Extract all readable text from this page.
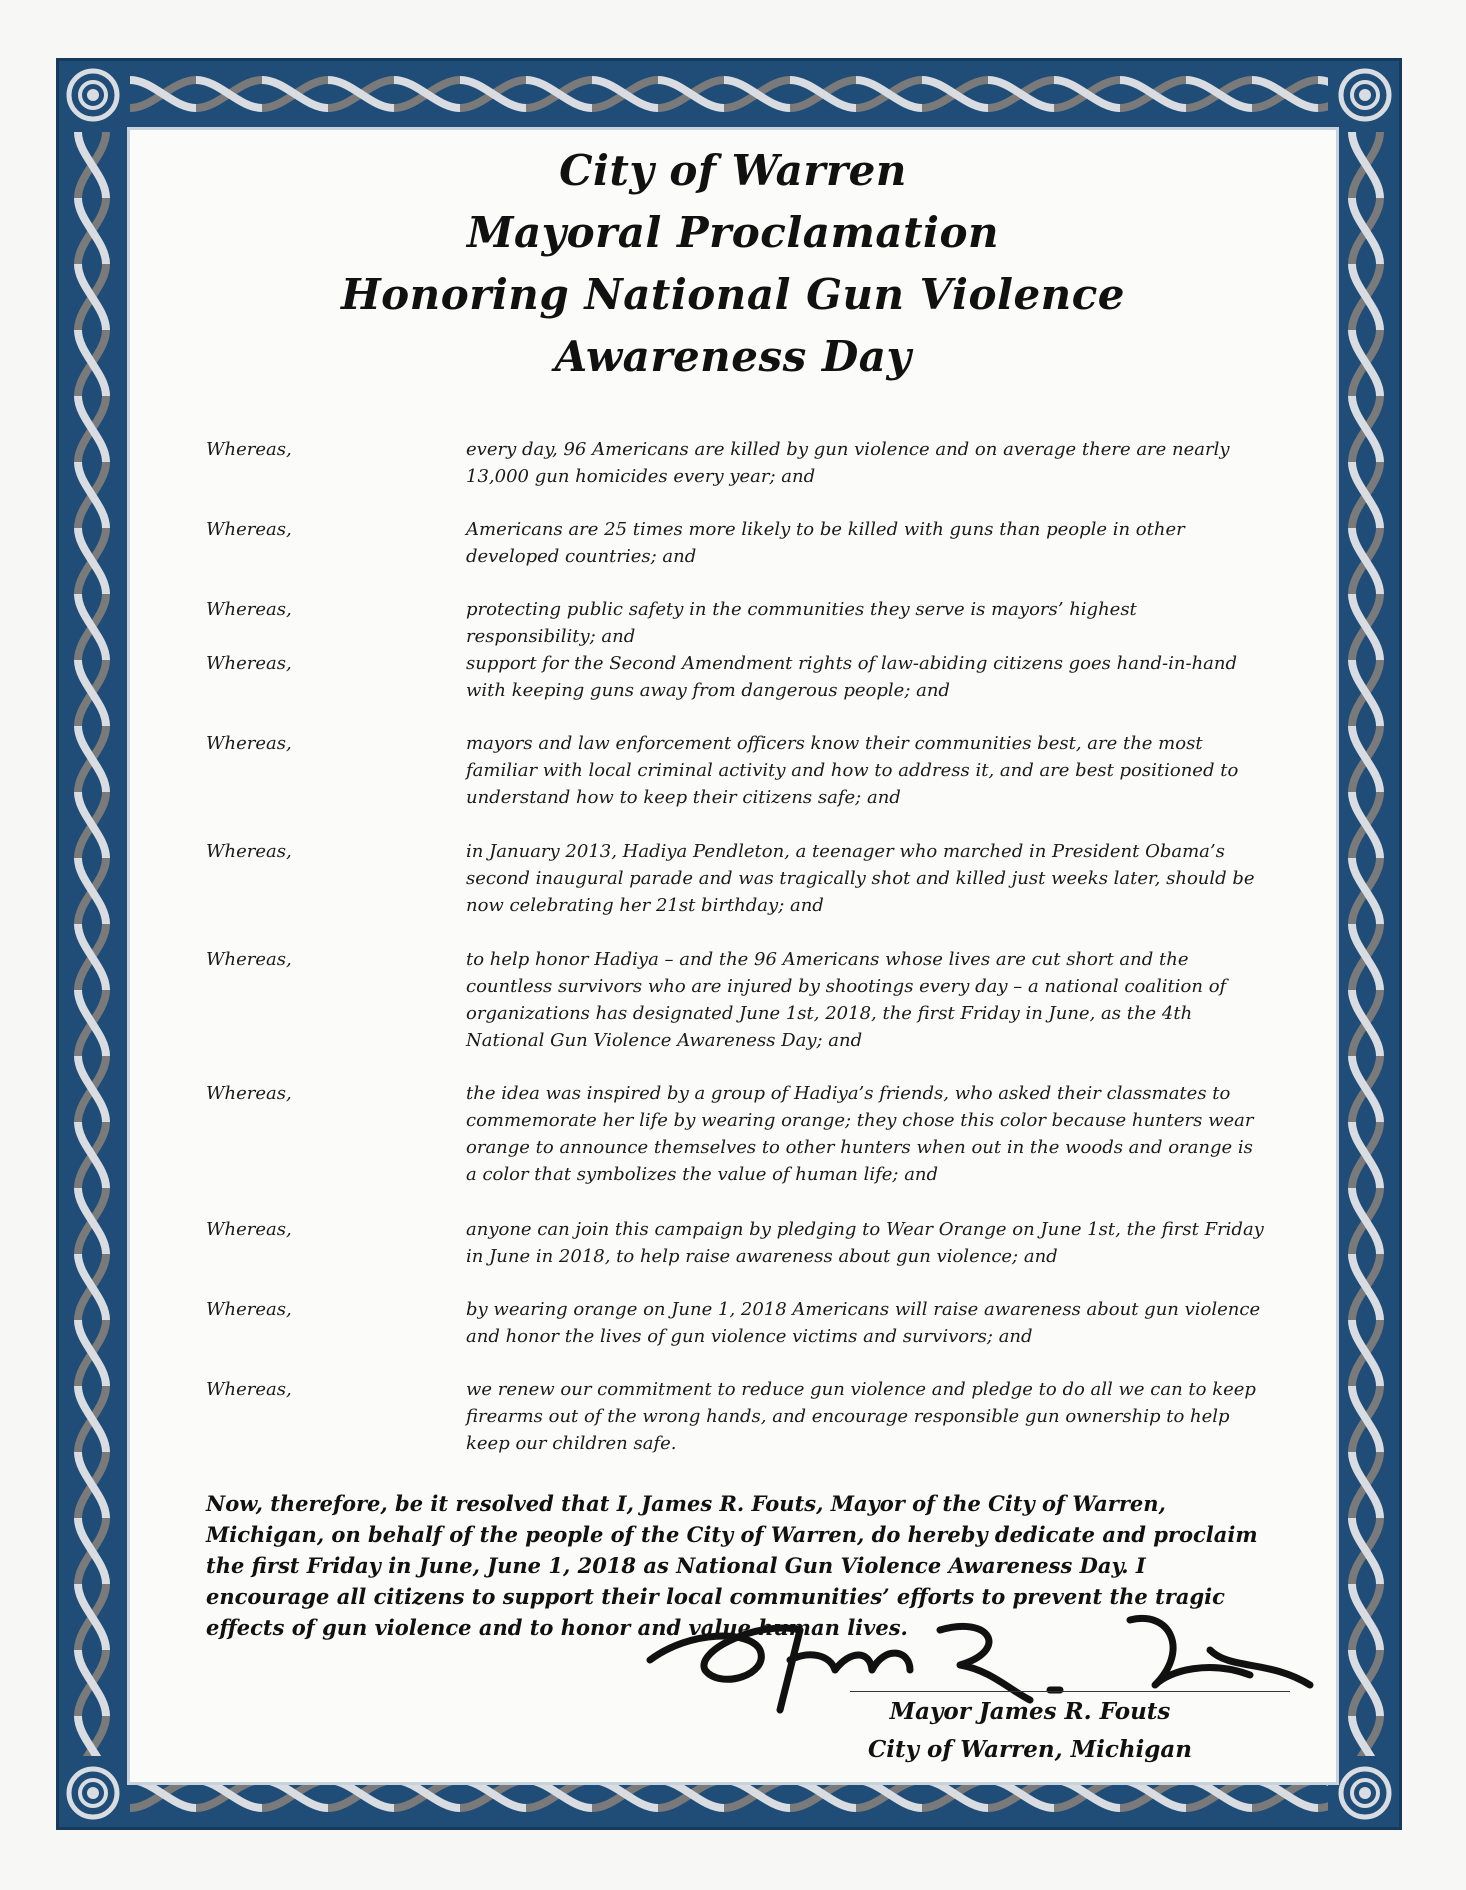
City of Warren
Mayoral Proclamation
Honoring National Gun Violence
Awareness Day
Whereas,	every day, 96 Americans are killed by gun violence and on average there are nearly 13,000 gun homicides every year; and
Whereas,	Americans are 25 times more likely to be killed with guns than people in other developed countries; and
Whereas,	protecting public safety in the communities they serve is mayors’ highest responsibility; and
Whereas,	support for the Second Amendment rights of law-abiding citizens goes hand-in-hand with keeping guns away from dangerous people; and
Whereas,	mayors and law enforcement officers know their communities best, are the most familiar with local criminal activity and how to address it, and are best positioned to understand how to keep their citizens safe; and
Whereas,	in January 2013, Hadiya Pendleton, a teenager who marched in President Obama’s second inaugural parade and was tragically shot and killed just weeks later, should be now celebrating her 21st birthday; and
Whereas,	to help honor Hadiya – and the 96 Americans whose lives are cut short and the countless survivors who are injured by shootings every day – a national coalition of organizations has designated June 1st, 2018, the first Friday in June, as the 4th National Gun Violence Awareness Day; and
Whereas,	the idea was inspired by a group of Hadiya’s friends, who asked their classmates to commemorate her life by wearing orange; they chose this color because hunters wear orange to announce themselves to other hunters when out in the woods and orange is a color that symbolizes the value of human life; and
Whereas,	anyone can join this campaign by pledging to Wear Orange on June 1st, the first Friday in June in 2018, to help raise awareness about gun violence; and
Whereas,	by wearing orange on June 1, 2018 Americans will raise awareness about gun violence and honor the lives of gun violence victims and survivors; and
Whereas,	we renew our commitment to reduce gun violence and pledge to do all we can to keep firearms out of the wrong hands, and encourage responsible gun ownership to help keep our children safe.
Now, therefore, be it resolved that I, James R. Fouts, Mayor of the City of Warren, Michigan, on behalf of the people of the City of Warren, do hereby dedicate and proclaim the first Friday in June, June 1, 2018 as National Gun Violence Awareness Day. I encourage all citizens to support their local communities’ efforts to prevent the tragic effects of gun violence and to honor and value human lives.
Mayor James R. Fouts
City of Warren, Michigan
